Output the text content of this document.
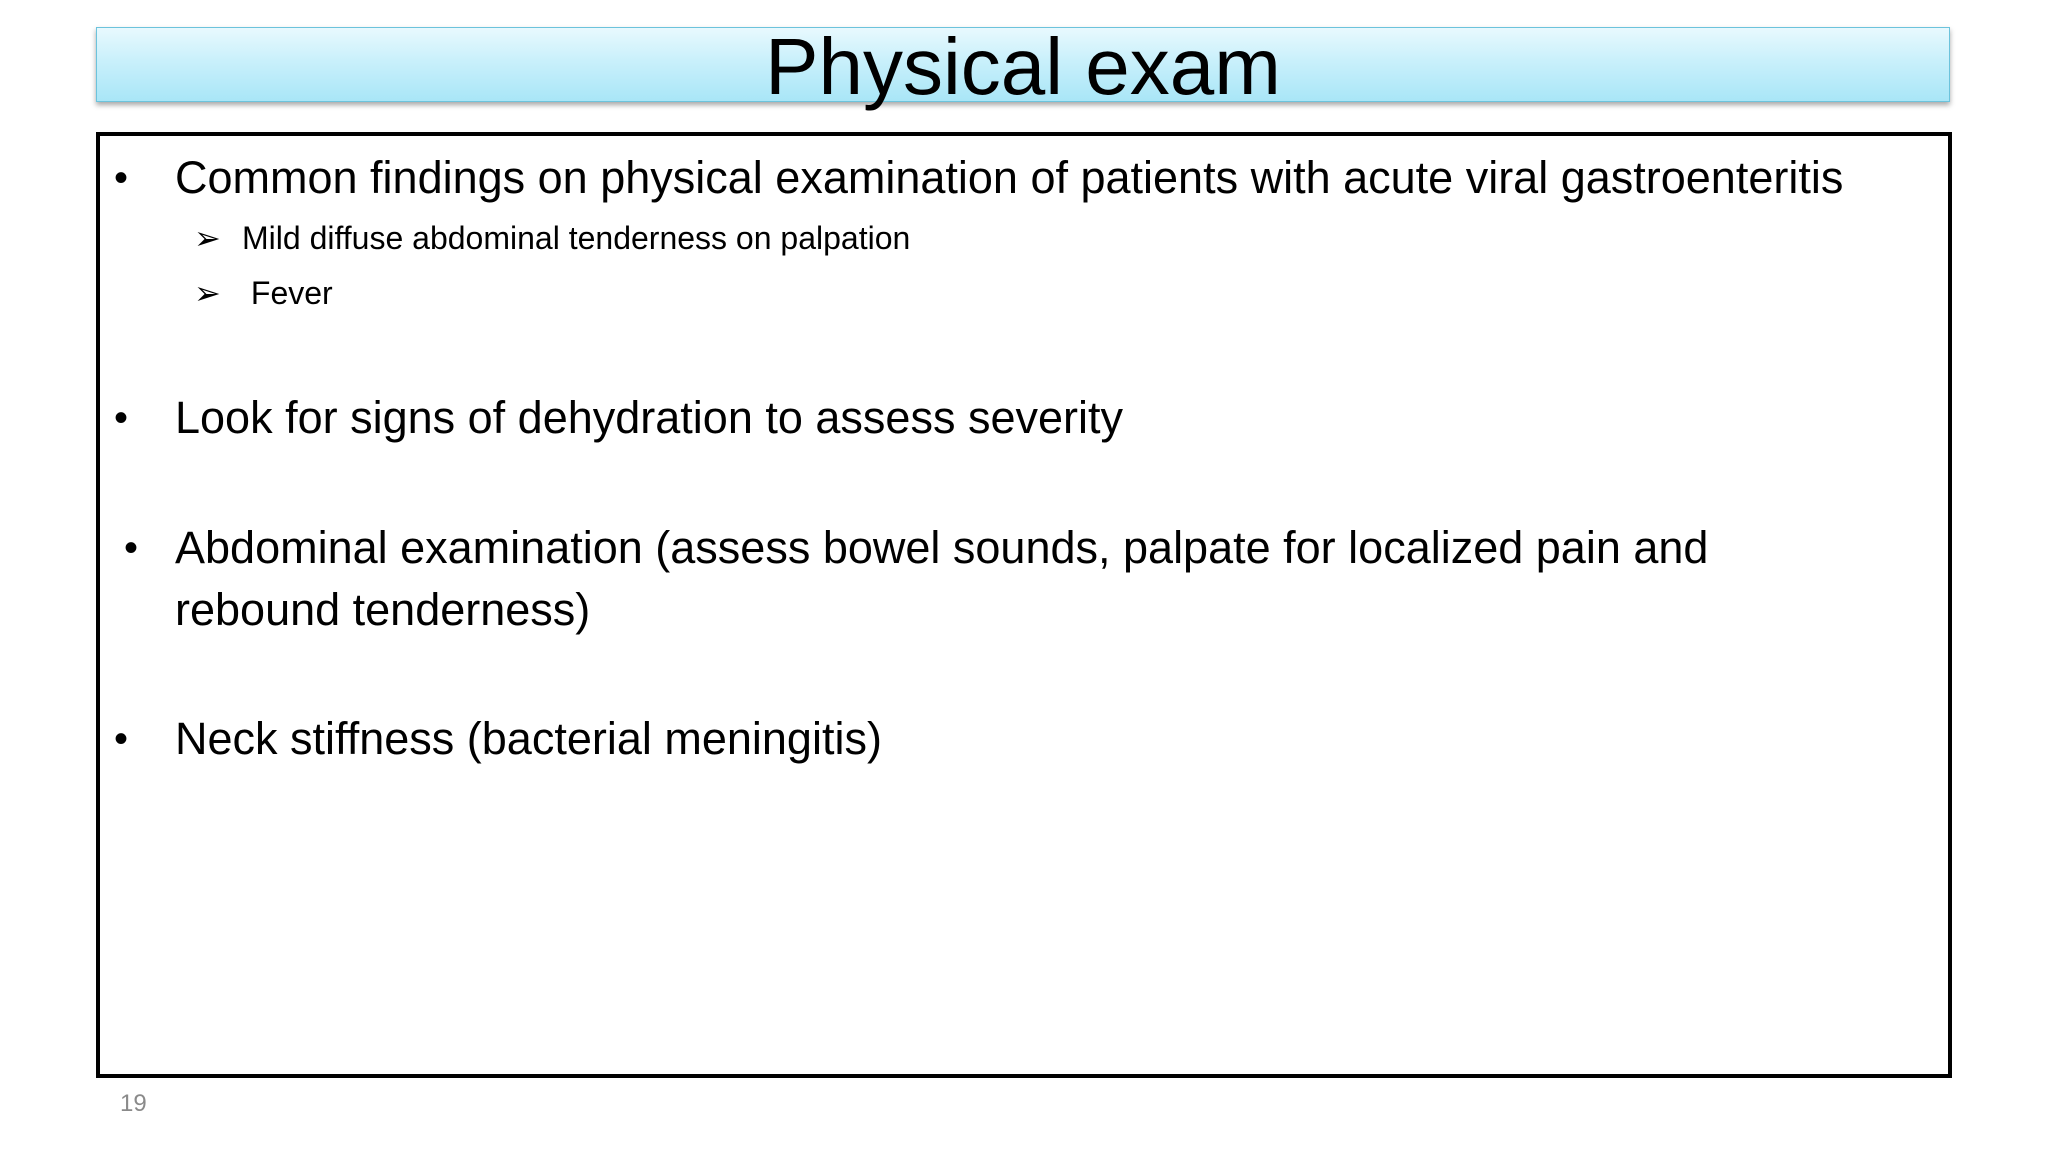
Physical exam
• Common findings on physical examination of patients with acute viral gastroenteritis
➢ Mild diffuse abdominal tenderness on palpation
➢ Fever
• Look for signs of dehydration to assess severity
• Abdominal examination (assess bowel sounds, palpate for localized pain and rebound tenderness)
• Neck stiffness (bacterial meningitis)
19
